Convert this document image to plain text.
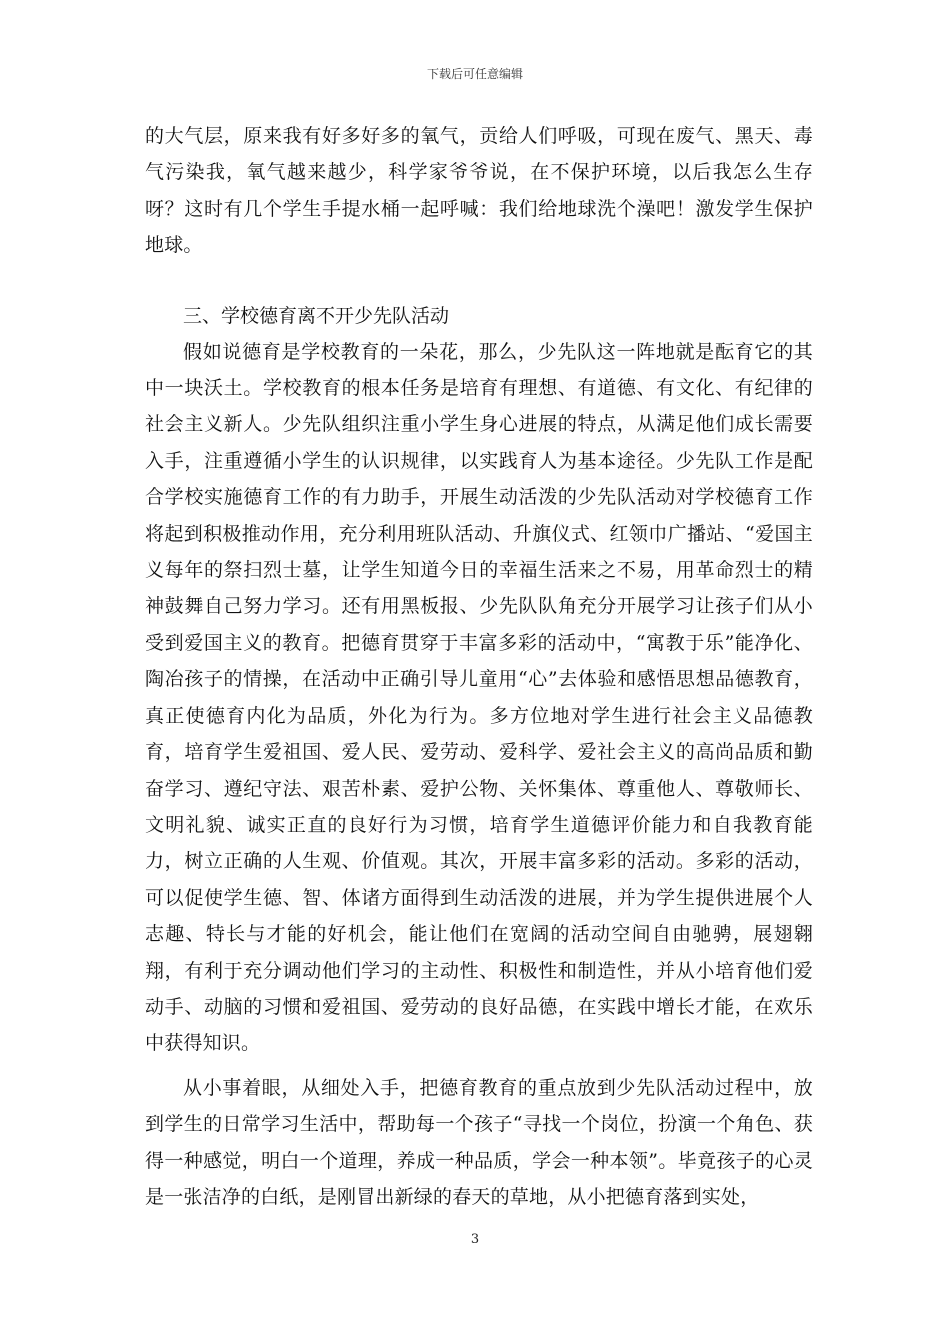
下载后可任意编辑

的大气层，原来我有好多好多的氧气，贡给人们呼吸，可现在废气、黑天、毒气污染我，氧气越来越少，科学家爷爷说，在不保护环境，以后我怎么生存呀？这时有几个学生手提水桶一起呼喊：我们给地球洗个澡吧！激发学生保护地球。

三、学校德育离不开少先队活动

假如说德育是学校教育的一朵花，那么，少先队这一阵地就是酝育它的其中一块沃土。学校教育的根本任务是培育有理想、有道德、有文化、有纪律的社会主义新人。少先队组织注重小学生身心进展的特点，从满足他们成长需要入手，注重遵循小学生的认识规律，以实践育人为基本途径。少先队工作是配合学校实施德育工作的有力助手，开展生动活泼的少先队活动对学校德育工作将起到积极推动作用，充分利用班队活动、升旗仪式、红领巾广播站、“爱国主义每年的祭扫烈士墓，让学生知道今日的幸福生活来之不易，用革命烈士的精神鼓舞自己努力学习。还有用黑板报、少先队队角充分开展学习让孩子们从小受到爱国主义的教育。把德育贯穿于丰富多彩的活动中，“寓教于乐”能净化、陶冶孩子的情操，在活动中正确引导儿童用“心”去体验和感悟思想品德教育，真正使德育内化为品质，外化为行为。多方位地对学生进行社会主义品德教育，培育学生爱祖国、爱人民、爱劳动、爱科学、爱社会主义的高尚品质和勤奋学习、遵纪守法、艰苦朴素、爱护公物、关怀集体、尊重他人、尊敬师长、文明礼貌、诚实正直的良好行为习惯，培育学生道德评价能力和自我教育能力，树立正确的人生观、价值观。其次，开展丰富多彩的活动。多彩的活动，可以促使学生德、智、体诸方面得到生动活泼的进展，并为学生提供进展个人志趣、特长与才能的好机会，能让他们在宽阔的活动空间自由驰骋，展翅翱翔，有利于充分调动他们学习的主动性、积极性和制造性，并从小培育他们爱动手、动脑的习惯和爱祖国、爱劳动的良好品德，在实践中增长才能，在欢乐中获得知识。

从小事着眼，从细处入手，把德育教育的重点放到少先队活动过程中，放到学生的日常学习生活中，帮助每一个孩子“寻找一个岗位，扮演一个角色、获得一种感觉，明白一个道理，养成一种品质，学会一种本领”。毕竟孩子的心灵是一张洁净的白纸，是刚冒出新绿的春天的草地，从小把德育落到实处，

3
